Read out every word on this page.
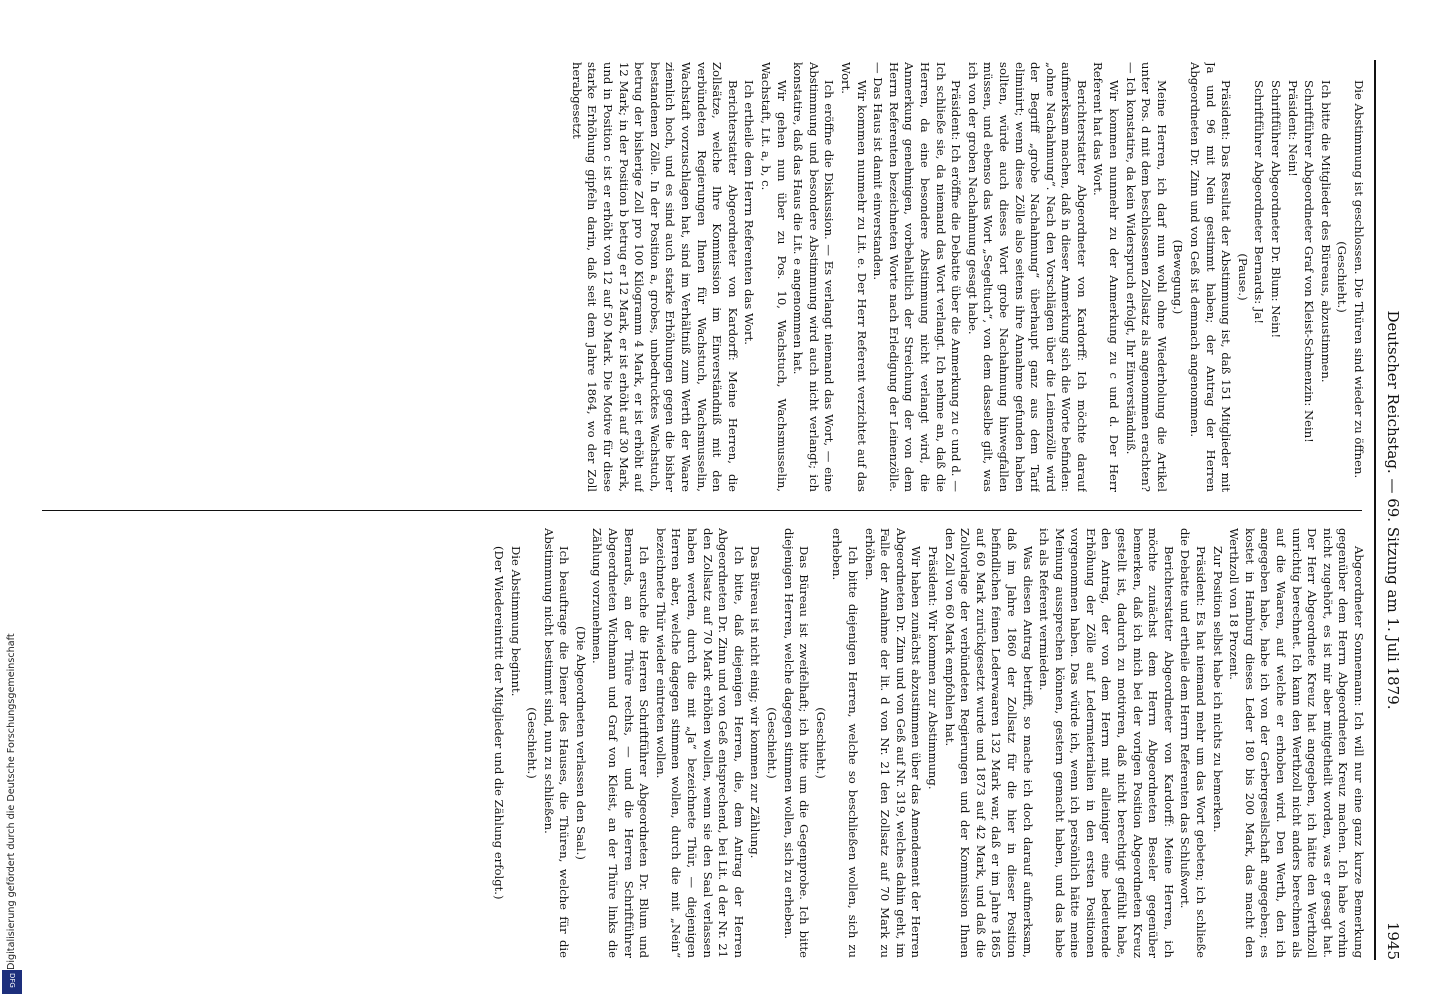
Deutscher Reichstag. — 69. Sitzung am 1. Juli 1879.
1945

Die Abstimmung ist geschlossen. Die Thüren sind wieder zu öffnen.

(Geschieht.)

Ich bitte die Mitglieder des Büreaus, abzustimmen.

Schriftführer Abgeordneter Graf von Kleist-Schmenzin: Nein!

Präsident: Nein!

Schriftführer Abgeordneter Dr. Blum: Nein!

Schriftführer Abgeordneter Bernards: Ja!

(Pause.)

Präsident: Das Resultat der Abstimmung ist, daß 151 Mitglieder mit Ja und 96 mit Nein gestimmt haben; der Antrag der Herren Abgeordneten Dr. Zinn und von Geß ist demnach angenommen.

(Bewegung.)

Meine Herren, ich darf nun wohl ohne Wiederholung die Artikel unter Pos. d mit dem beschlossenen Zollsatz als angenommen erachten? — Ich konstatire, da kein Widerspruch erfolgt, Ihr Einverständniß.

Wir kommen nunmehr zu der Anmerkung zu c und d. Der Herr Referent hat das Wort.

Berichterstatter Abgeordneter von Kardorff: Ich möchte darauf aufmerksam machen, daß in dieser Anmerkung sich die Worte befinden: „ohne Nachahmung“. Nach den Vorschlägen über die Leinenzölle wird der Begriff „grobe Nachahmung“ überhaupt ganz aus dem Tarif eliminirt; wenn diese Zölle also seitens ihre Annahme gefunden haben sollten, würde auch dieses Wort grobe Nachahmung hinwegfallen müssen, und ebenso das Wort „Segeltuch“, von dem dasselbe gilt, was ich von der groben Nachahmung gesagt habe.

Präsident: Ich eröffne die Debatte über die Anmerkung zu c und d. — Ich schließe sie, da niemand das Wort verlangt. Ich nehme an, daß die Herren, da eine besondere Abstimmung nicht verlangt wird, die Anmerkung genehmigen, vorbehaltlich der Streichung der von dem Herrn Referenten bezeichneten Worte nach Erledigung der Leinenzölle. — Das Haus ist damit einverstanden.

Wir kommen nunmehr zu Lit. e. Der Herr Referent verzichtet auf das Wort.

Ich eröffne die Diskussion. — Es verlangt niemand das Wort, — eine Abstimmung und besondere Abstimmung wird auch nicht verlangt; ich konstatire, daß das Haus die Lit. e angenommen hat.

Wir gehen nun über zu Pos. 10, Wachstuch, Wachsmusselin, Wachstaft, Lit. a, b, c.

Ich ertheile dem Herrn Referenten das Wort.

Berichterstatter Abgeordneter von Kardorff: Meine Herren, die Zollsätze, welche Ihre Kommission im Einverständniß mit den verbündeten Regierungen Ihnen für Wachstuch, Wachsmusselin, Wachstaft vorzuschlagen hat, sind im Verhältniß zum Werth der Waare ziemlich hoch, und es sind auch starke Erhöhungen gegen die bisher bestandenen Zölle. In der Position a, grobes, unbedrucktes Wachstuch, betrug der bisherige Zoll pro 100 Kilogramm 4 Mark, er ist erhöht auf 12 Mark; in der Position b betrug er 12 Mark, er ist erhöht auf 30 Mark, und in Position c ist er erhöht von 12 auf 50 Mark. Die Motive für diese starke Erhöhung gipfeln darin, daß seit dem Jahre 1864, wo der Zoll herabgesetzt

Abgeordneter Sonnemann: Ich will nur eine ganz kurze Bemerkung gegenüber dem Herrn Abgeordneten Kreuz machen. Ich habe vorhin nicht zugehört, es ist mir aber mitgetheilt worden, was er gesagt hat. Der Herr Abgeordnete Kreuz hat angegeben, ich hätte den Werthzoll unrichtig berechnet. Ich kann den Werthzoll nicht anders berechnen als auf die Waaren, auf welche er erhoben wird. Den Werth, den ich angegeben habe, habe ich von der Gerbergesellschaft angegeben; es kostet in Hamburg dieses Leder 180 bis 200 Mark, das macht den Werthzoll von 18 Prozent.

Zur Position selbst habe ich nichts zu bemerken.

Präsident: Es hat niemand mehr um das Wort gebeten; ich schließe die Debatte und ertheile dem Herrn Referenten das Schlußwort.

Berichterstatter Abgeordneter von Kardorff: Meine Herren, ich möchte zunächst dem Herrn Abgeordneten Beseler gegenüber bemerken, daß ich mich bei der vorigen Position Abgeordneten Kreuz gestellt ist, dadurch zu motiviren, daß nicht berechtigt gefühlt habe, den Antrag, der von dem Herrn mit alleiniger eine bedeutende Erhöhung der Zölle auf Ledermaterialien in den ersten Positionen vorgenommen haben. Das würde ich, wenn ich persönlich hätte meine Meinung aussprechen können, gestern gemacht haben, und das habe ich als Referent vermieden.

Was diesen Antrag betrifft, so mache ich doch darauf aufmerksam, daß im Jahre 1860 der Zollsatz für die hier in dieser Position befindlichen feinen Lederwaaren 132 Mark war, daß er im Jahre 1865 auf 60 Mark zurückgesetzt wurde und 1873 auf 42 Mark, und daß die Zollvorlage der verbündeten Regierungen und der Kommission Ihnen den Zoll von 60 Mark empfohlen hat.

Präsident: Wir kommen zur Abstimmung.

Wir haben zunächst abzustimmen über das Amendement der Herren Abgeordneten Dr. Zinn und von Geß auf Nr. 319, welches dahin geht, im Falle der Annahme der lit. d von Nr. 21 den Zollsatz auf 70 Mark zu erhöhen.

Ich bitte diejenigen Herren, welche so beschließen wollen, sich zu erheben.

(Geschieht.)

Das Büreau ist zweifelhaft; ich bitte um die Gegenprobe. Ich bitte diejenigen Herren, welche dagegen stimmen wollen, sich zu erheben.

(Geschieht.)

Das Büreau ist nicht einig; wir kommen zur Zählung.

Ich bitte, daß diejenigen Herren, die, dem Antrag der Herren Abgeordneten Dr. Zinn und von Geß entsprechend, bei Lit. d der Nr. 21 den Zollsatz auf 70 Mark erhöhen wollen, wenn sie den Saal verlassen haben werden, durch die mit „Ja“ bezeichnete Thür, — diejenigen Herren aber, welche dagegen stimmen wollen, durch die mit „Nein“ bezeichnete Thür wieder eintreten wollen.

Ich ersuche die Herren Schriftführer Abgeordneten Dr. Blum und Bernards, an der Thüre rechts, — und die Herren Schriftführer Abgeordneten Wichmann und Graf von Kleist, an der Thüre links die Zählung vorzunehmen.

(Die Abgeordneten verlassen den Saal.)

Ich beauftrage die Diener des Hauses, die Thüren, welche für die Abstimmung nicht bestimmt sind, nun zu schließen.

(Geschieht.)

Die Abstimmung beginnt.

(Der Wiedereintritt der Mitglieder und die Zählung erfolgt.)

Digitalisierung gefördert durch die Deutsche Forschungsgemeinschaft
DFG
